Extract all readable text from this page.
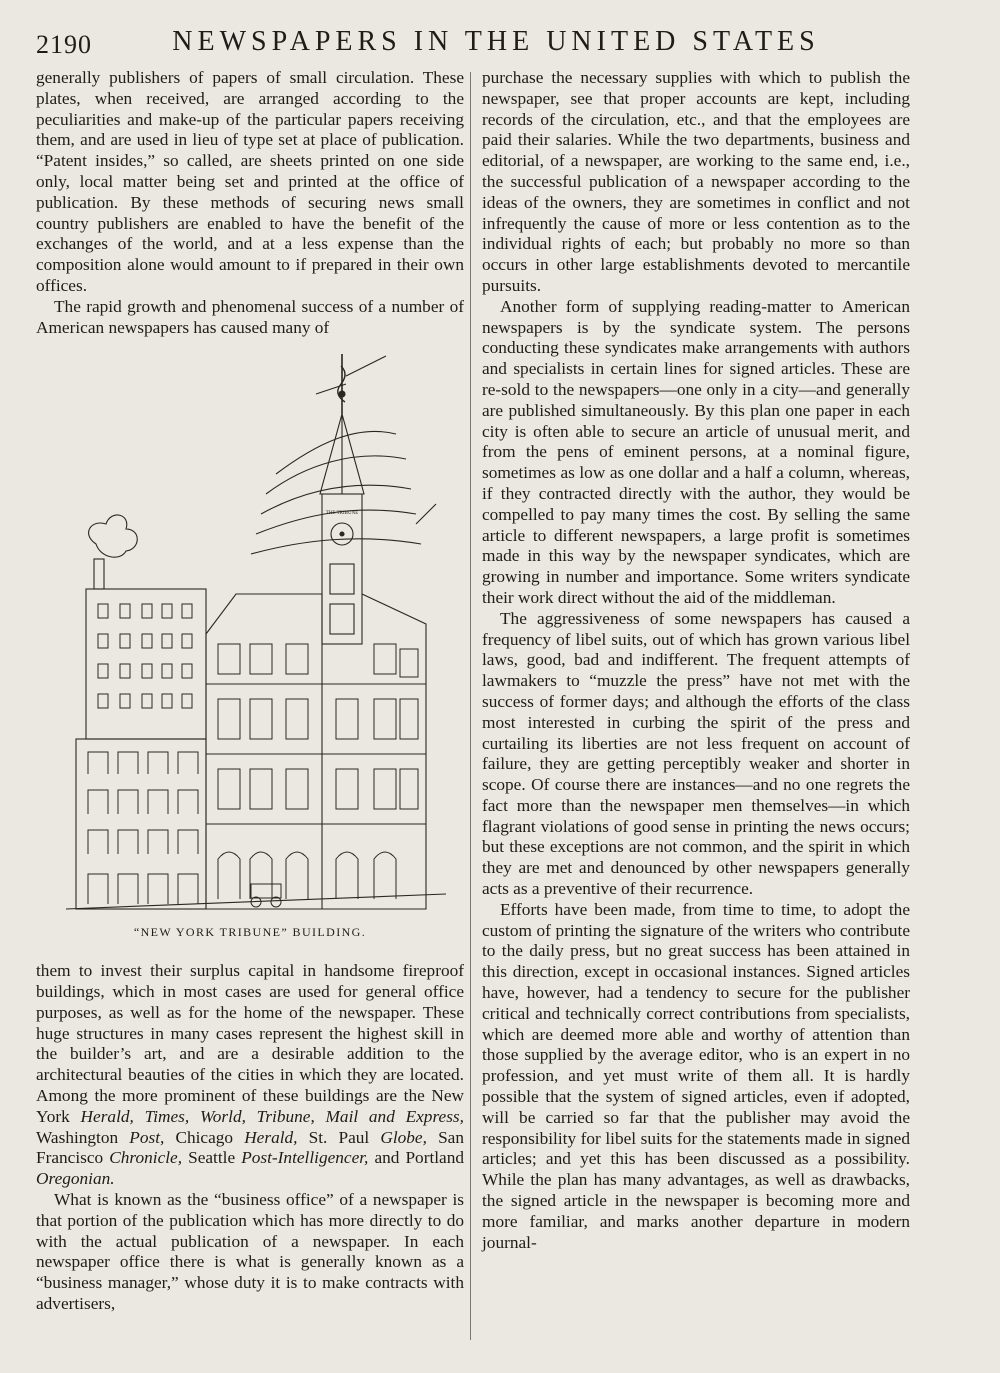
2190	NEWSPAPERS IN THE UNITED STATES

generally publishers of papers of small circulation. These plates, when received, are arranged according to the peculiarities and make-up of the particular papers receiving them, and are used in lieu of type set at place of publication. “Patent insides,” so called, are sheets printed on one side only, local matter being set and printed at the office of publication. By these methods of securing news small country publishers are enabled to have the benefit of the exchanges of the world, and at a less expense than the composition alone would amount to if prepared in their own offices.

The rapid growth and phenomenal success of a number of American newspapers has caused many of

THE TRIBUNE
“NEW YORK TRIBUNE” BUILDING.

them to invest their surplus capital in handsome fireproof buildings, which in most cases are used for general office purposes, as well as for the home of the newspaper. These huge structures in many cases represent the highest skill in the builder’s art, and are a desirable addition to the architectural beauties of the cities in which they are located. Among the more prominent of these buildings are the New York Herald, Times, World, Tribune, Mail and Express, Washington Post, Chicago Herald, St. Paul Globe, San Francisco Chronicle, Seattle Post-Intelligencer, and Portland Oregonian.

What is known as the “business office” of a newspaper is that portion of the publication which has more directly to do with the actual publication of a newspaper. In each newspaper office there is what is generally known as a “business manager,” whose duty it is to make contracts with advertisers,

purchase the necessary supplies with which to publish the newspaper, see that proper accounts are kept, including records of the circulation, etc., and that the employees are paid their salaries. While the two departments, business and editorial, of a newspaper, are working to the same end, i.e., the successful publication of a newspaper according to the ideas of the owners, they are sometimes in conflict and not infrequently the cause of more or less contention as to the individual rights of each; but probably no more so than occurs in other large establishments devoted to mercantile pursuits.

Another form of supplying reading-matter to American newspapers is by the syndicate system. The persons conducting these syndicates make arrangements with authors and specialists in certain lines for signed articles. These are re-sold to the newspapers—one only in a city—and generally are published simultaneously. By this plan one paper in each city is often able to secure an article of unusual merit, and from the pens of eminent persons, at a nominal figure, sometimes as low as one dollar and a half a column, whereas, if they contracted directly with the author, they would be compelled to pay many times the cost. By selling the same article to different newspapers, a large profit is sometimes made in this way by the newspaper syndicates, which are growing in number and importance. Some writers syndicate their work direct without the aid of the middleman.

The aggressiveness of some newspapers has caused a frequency of libel suits, out of which has grown various libel laws, good, bad and indifferent. The frequent attempts of lawmakers to “muzzle the press” have not met with the success of former days; and although the efforts of the class most interested in curbing the spirit of the press and curtailing its liberties are not less frequent on account of failure, they are getting perceptibly weaker and shorter in scope. Of course there are instances—and no one regrets the fact more than the newspaper men themselves—in which flagrant violations of good sense in printing the news occurs; but these exceptions are not common, and the spirit in which they are met and denounced by other newspapers generally acts as a preventive of their recurrence.

Efforts have been made, from time to time, to adopt the custom of printing the signature of the writers who contribute to the daily press, but no great success has been attained in this direction, except in occasional instances. Signed articles have, however, had a tendency to secure for the publisher critical and technically correct contributions from specialists, which are deemed more able and worthy of attention than those supplied by the average editor, who is an expert in no profession, and yet must write of them all. It is hardly possible that the system of signed articles, even if adopted, will be carried so far that the publisher may avoid the responsibility for libel suits for the statements made in signed articles; and yet this has been discussed as a possibility. While the plan has many advantages, as well as drawbacks, the signed article in the newspaper is becoming more and more familiar, and marks another departure in modern journal-
